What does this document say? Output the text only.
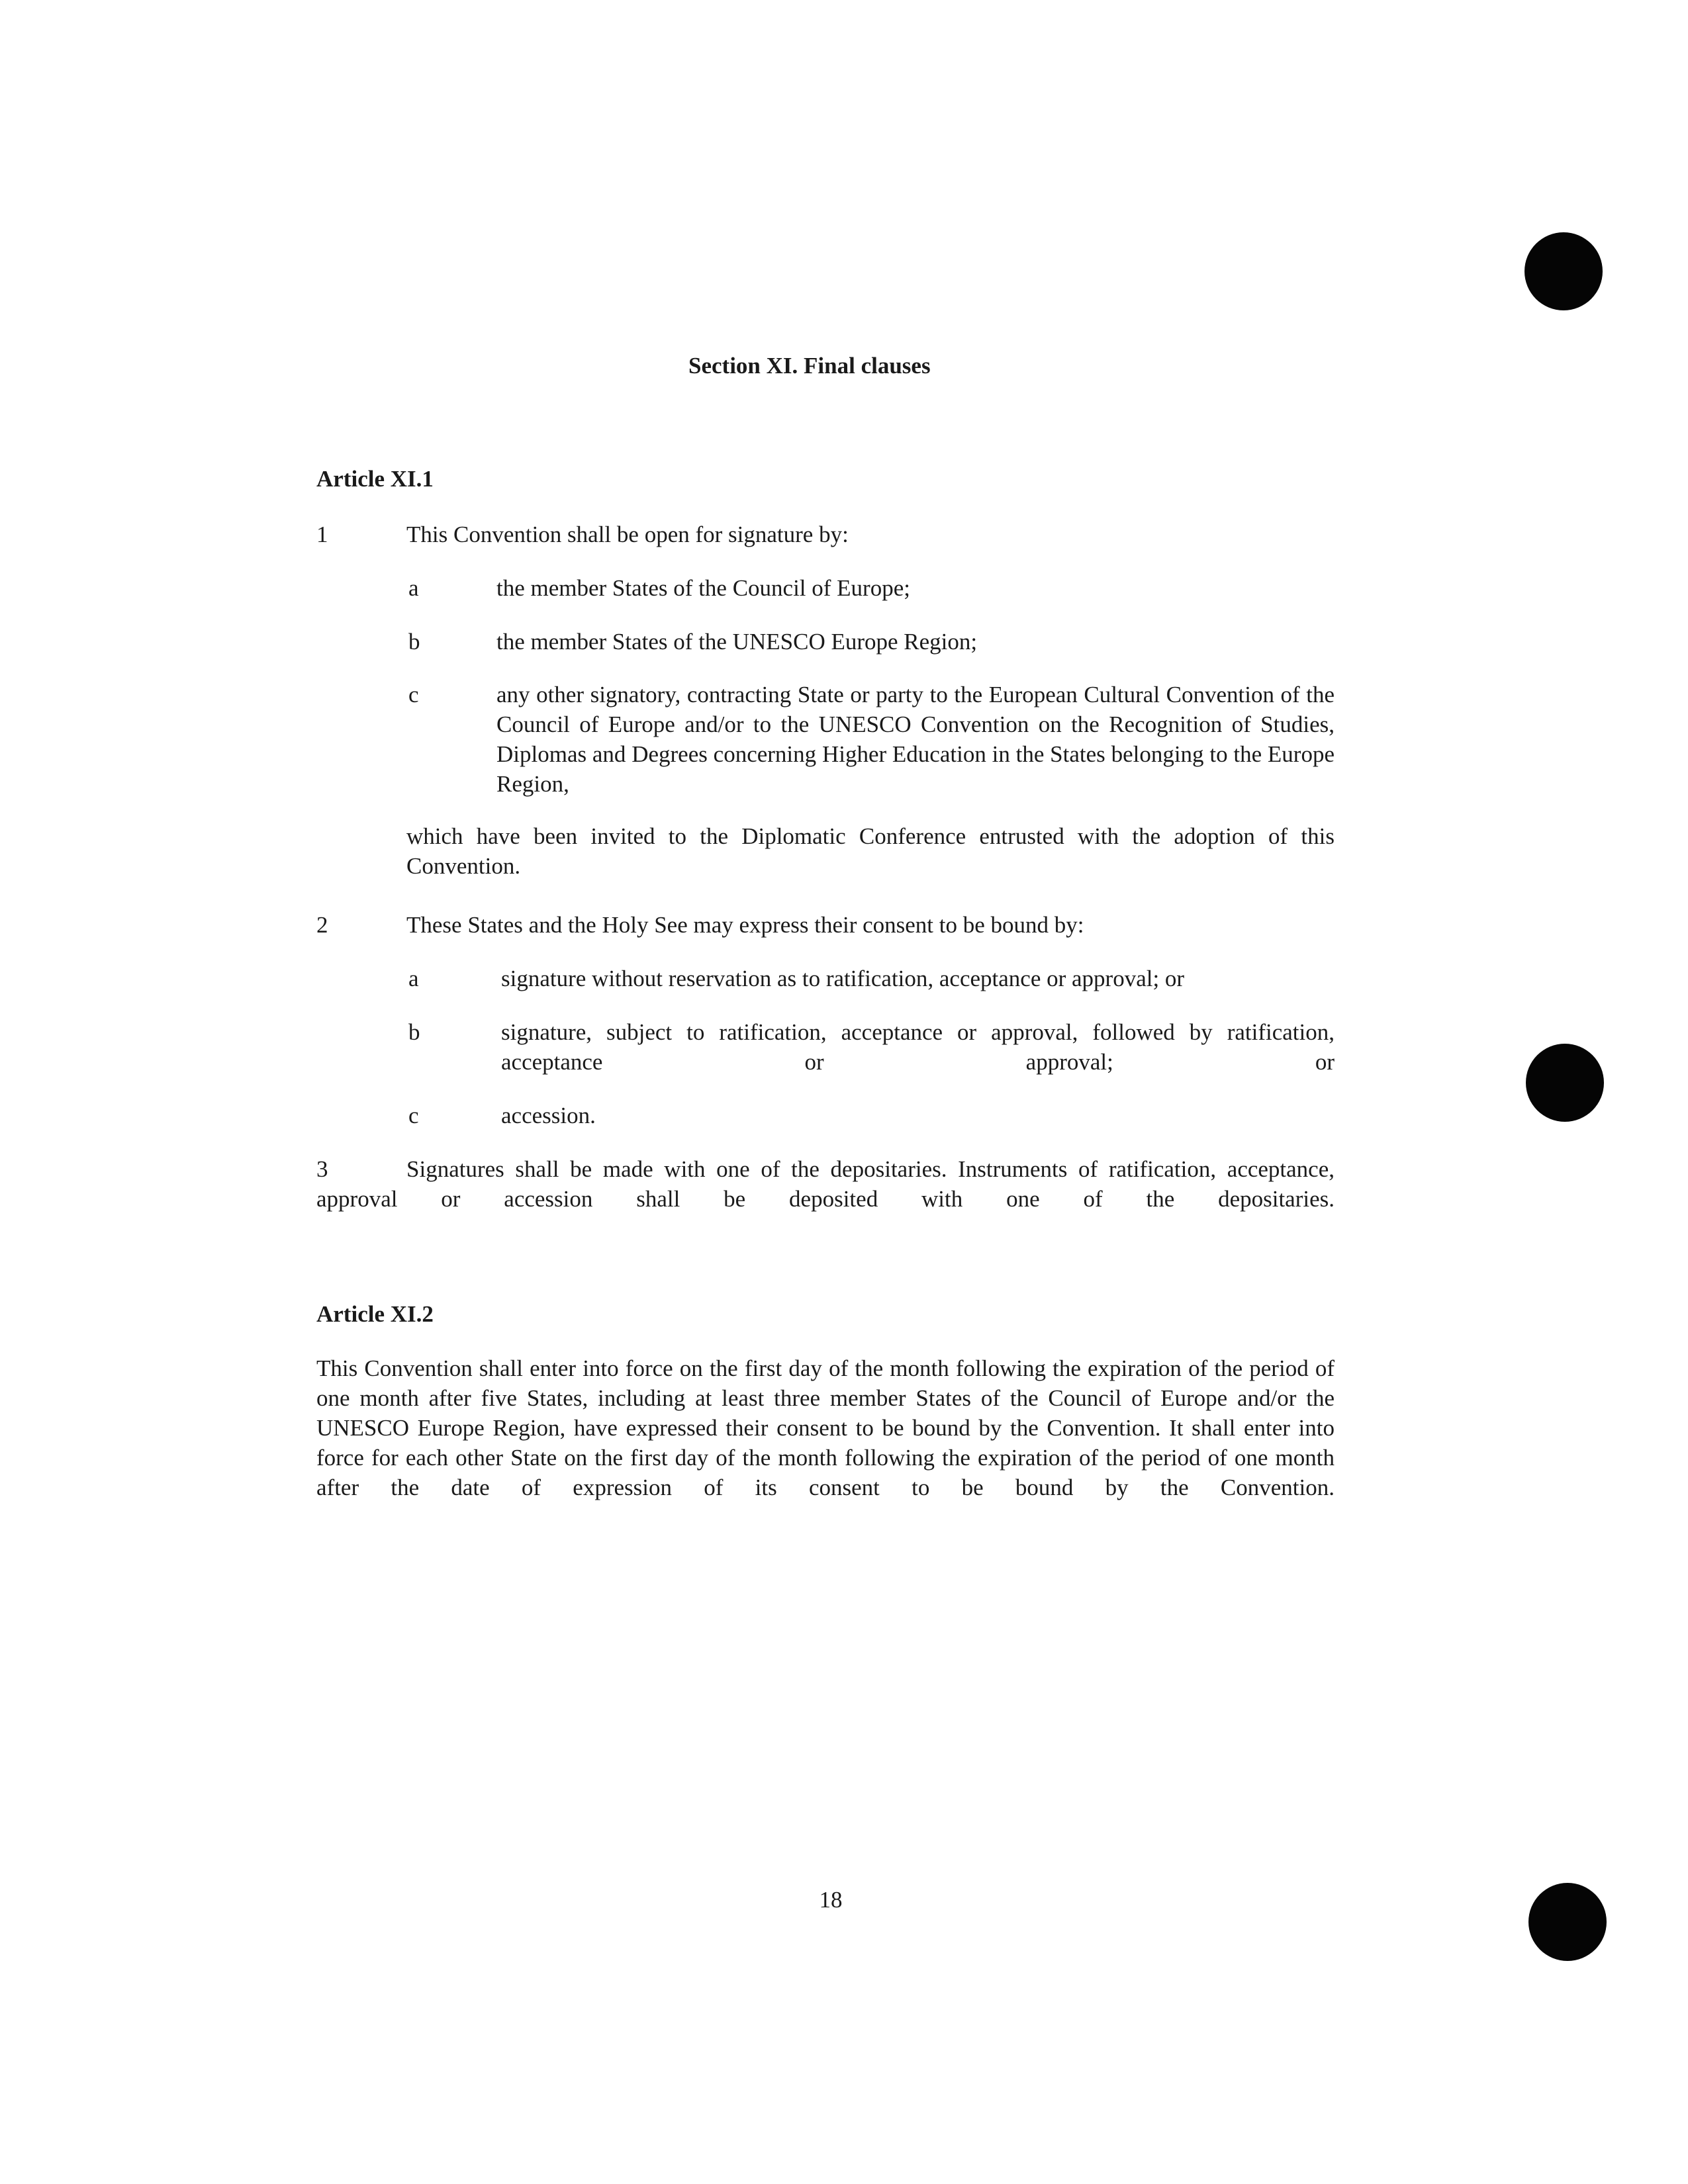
Section XI. Final clauses
Article XI.1
1	This Convention shall be open for signature by:
a	the member States of the Council of Europe;
b	the member States of the UNESCO Europe Region;
c	any other signatory, contracting State or party to the European Cultural Convention of the Council of Europe and/or to the UNESCO Convention on the Recognition of Studies, Diplomas and Degrees concerning Higher Education in the States belonging to the Europe Region,
which have been invited to the Diplomatic Conference entrusted with the adoption of this Convention.
2	These States and the Holy See may express their consent to be bound by:
a	signature without reservation as to ratification, acceptance or approval; or
b	signature, subject to ratification, acceptance or approval, followed by ratification, acceptance or approval; or
c	accession.
3	Signatures shall be made with one of the depositaries. Instruments of ratification, acceptance, approval or accession shall be deposited with one of the depositaries.
Article XI.2
This Convention shall enter into force on the first day of the month following the expiration of the period of one month after five States, including at least three member States of the Council of Europe and/or the UNESCO Europe Region, have expressed their consent to be bound by the Convention. It shall enter into force for each other State on the first day of the month following the expiration of the period of one month after the date of expression of its consent to be bound by the Convention.
18
